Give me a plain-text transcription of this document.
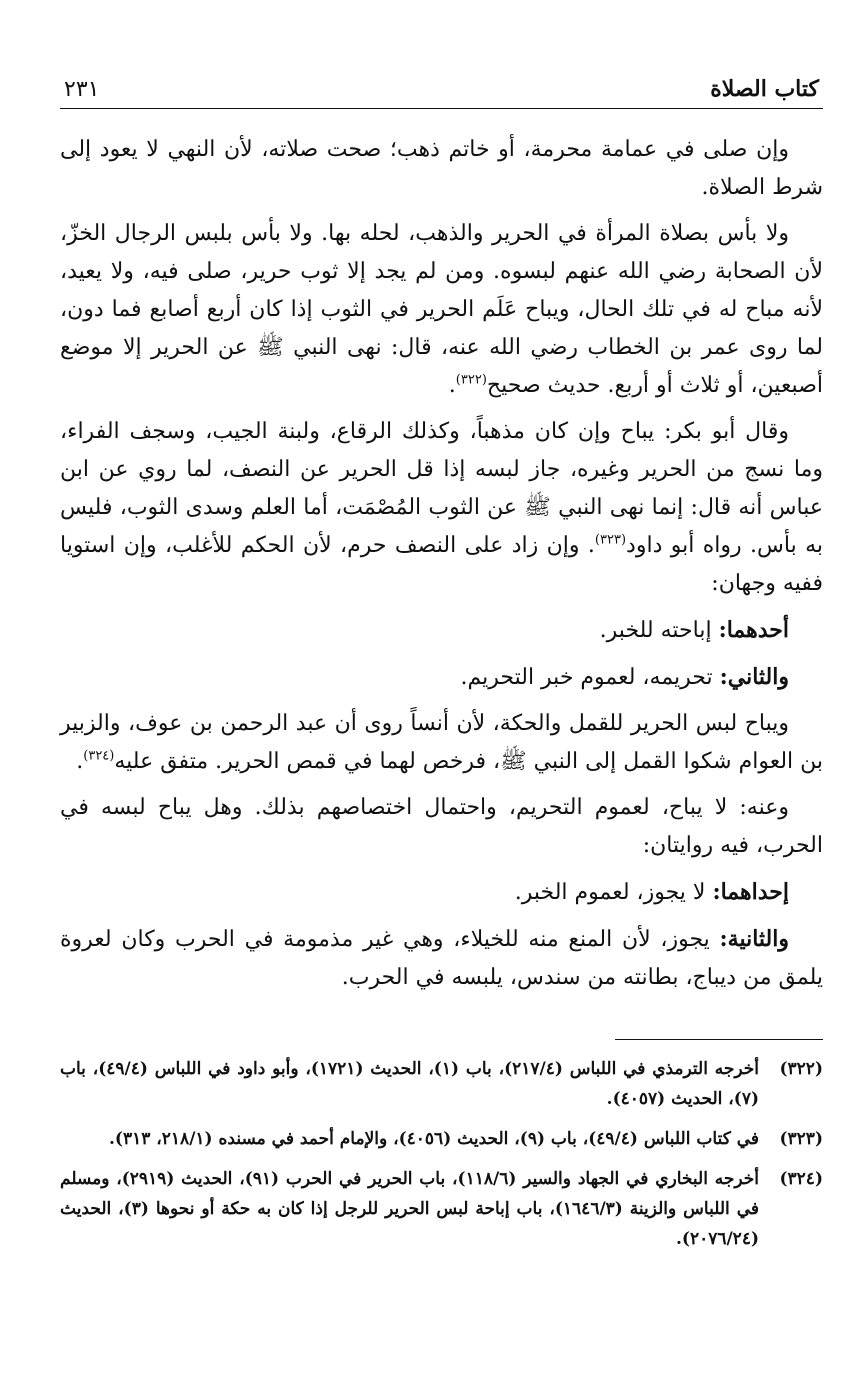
كتاب الصلاة
٢٣١

وإن صلى في عمامة محرمة، أو خاتم ذهب؛ صحت صلاته، لأن النهي لا يعود إلى شرط الصلاة.

ولا بأس بصلاة المرأة في الحرير والذهب، لحله بها. ولا بأس بلبس الرجال الخزّ، لأن الصحابة رضي الله عنهم لبسوه. ومن لم يجد إلا ثوب حرير، صلى فيه، ولا يعيد، لأنه مباح له في تلك الحال، ويباح عَلَم الحرير في الثوب إذا كان أربع أصابع فما دون، لما روى عمر بن الخطاب رضي الله عنه، قال: نهى النبي ﷺ عن الحرير إلا موضع أصبعين، أو ثلاث أو أربع. حديث صحيح$^{(٣٢٢)}$.

وقال أبو بكر: يباح وإن كان مذهباً، وكذلك الرقاع، ولبنة الجيب، وسجف الفراء، وما نسج من الحرير وغيره، جاز لبسه إذا قل الحرير عن النصف، لما روي عن ابن عباس أنه قال: إنما نهى النبي ﷺ عن الثوب المُصْمَت، أما العلم وسدى الثوب، فليس به بأس. رواه أبو داود$^{(٣٢٣)}$. وإن زاد على النصف حرم، لأن الحكم للأغلب، وإن استويا ففيه وجهان:

أحدهما: إباحته للخبر.

والثاني: تحريمه، لعموم خبر التحريم.

ويباح لبس الحرير للقمل والحكة، لأن أنساً روى أن عبد الرحمن بن عوف، والزبير بن العوام شكوا القمل إلى النبي ﷺ، فرخص لهما في قمص الحرير. متفق عليه$^{(٣٢٤)}$.

وعنه: لا يباح، لعموم التحريم، واحتمال اختصاصهم بذلك. وهل يباح لبسه في الحرب، فيه روايتان:

إحداهما: لا يجوز، لعموم الخبر.

والثانية: يجوز، لأن المنع منه للخيلاء، وهي غير مذمومة في الحرب وكان لعروة يلمق من ديباج، بطانته من سندس، يلبسه في الحرب.

(٣٢٢)
أخرجه الترمذي في اللباس (٢١٧/٤)، باب (١)، الحديث (١٧٢١)، وأبو داود في اللباس (٤٩/٤)، باب (٧)، الحديث (٤٠٥٧).
(٣٢٣)
في كتاب اللباس (٤٩/٤)، باب (٩)، الحديث (٤٠٥٦)، والإمام أحمد في مسنده (٢١٨/١، ٣١٣).
(٣٢٤)
أخرجه البخاري في الجهاد والسير (١١٨/٦)، باب الحرير في الحرب (٩١)، الحديث (٢٩١٩)، ومسلم في اللباس والزينة (١٦٤٦/٣)، باب إباحة لبس الحرير للرجل إذا كان به حكة أو نحوها (٣)، الحديث (٢٠٧٦/٢٤).
